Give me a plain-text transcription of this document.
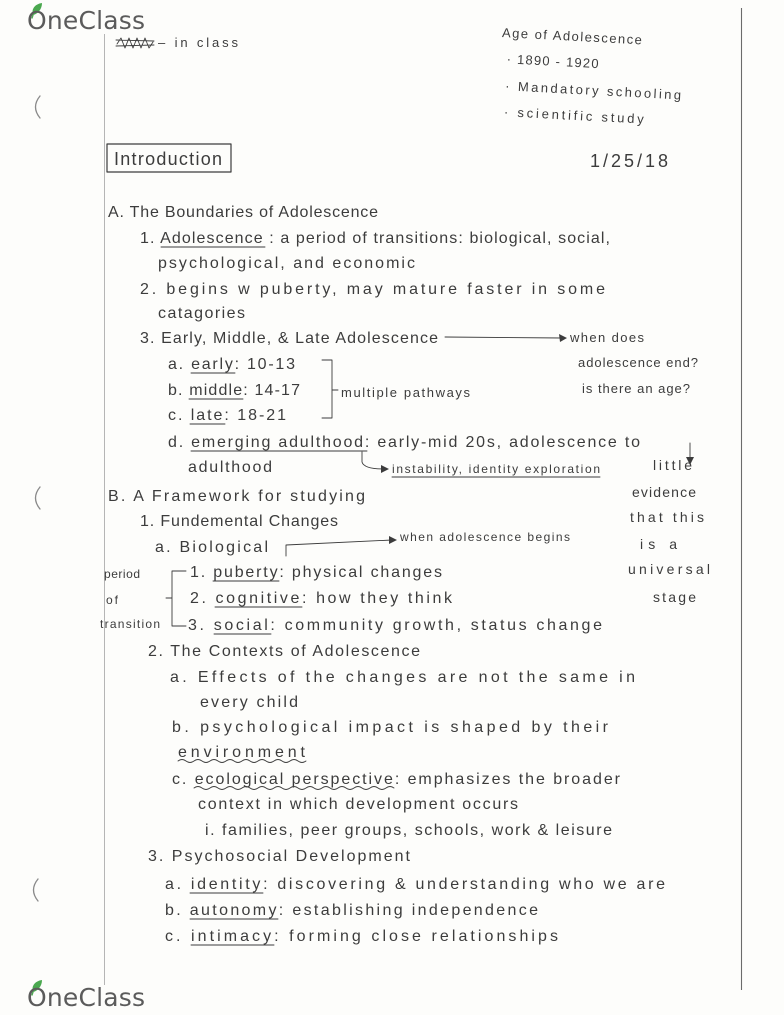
OneClass
– in class
Age of Adolescence
· 1890 - 1920
· Mandatory schooling
· scientific study
Introduction	1/25/18
A. The Boundaries of Adolescence
1. Adolescence : a period of transitions: biological, social,
psychological, and economic
2. begins w puberty, may mature faster in some
catagories
3. Early, Middle, & Late Adolescence	when does
adolescence end?
is there an age?
a. early: 10-13
b. middle: 14-17
c. late: 18-21
multiple pathways
d. emerging adulthood: early-mid 20s, adolescence to
adulthood	instability, identity exploration	little
evidence
that this
is a
universal
stage
B. A Framework for studying
1. Fundemental Changes
a. Biological
when adolescence begins
period
of
transition
1. puberty: physical changes
2. cognitive: how they think
3. social: community growth, status change
2. The Contexts of Adolescence
a. Effects of the changes are not the same in
every child
b. psychological impact is shaped by their
environment
c. ecological perspective: emphasizes the broader
context in which development occurs
i. families, peer groups, schools, work & leisure
3. Psychosocial Development
a. identity: discovering & understanding who we are
b. autonomy: establishing independence
c. intimacy: forming close relationships
OneClass
